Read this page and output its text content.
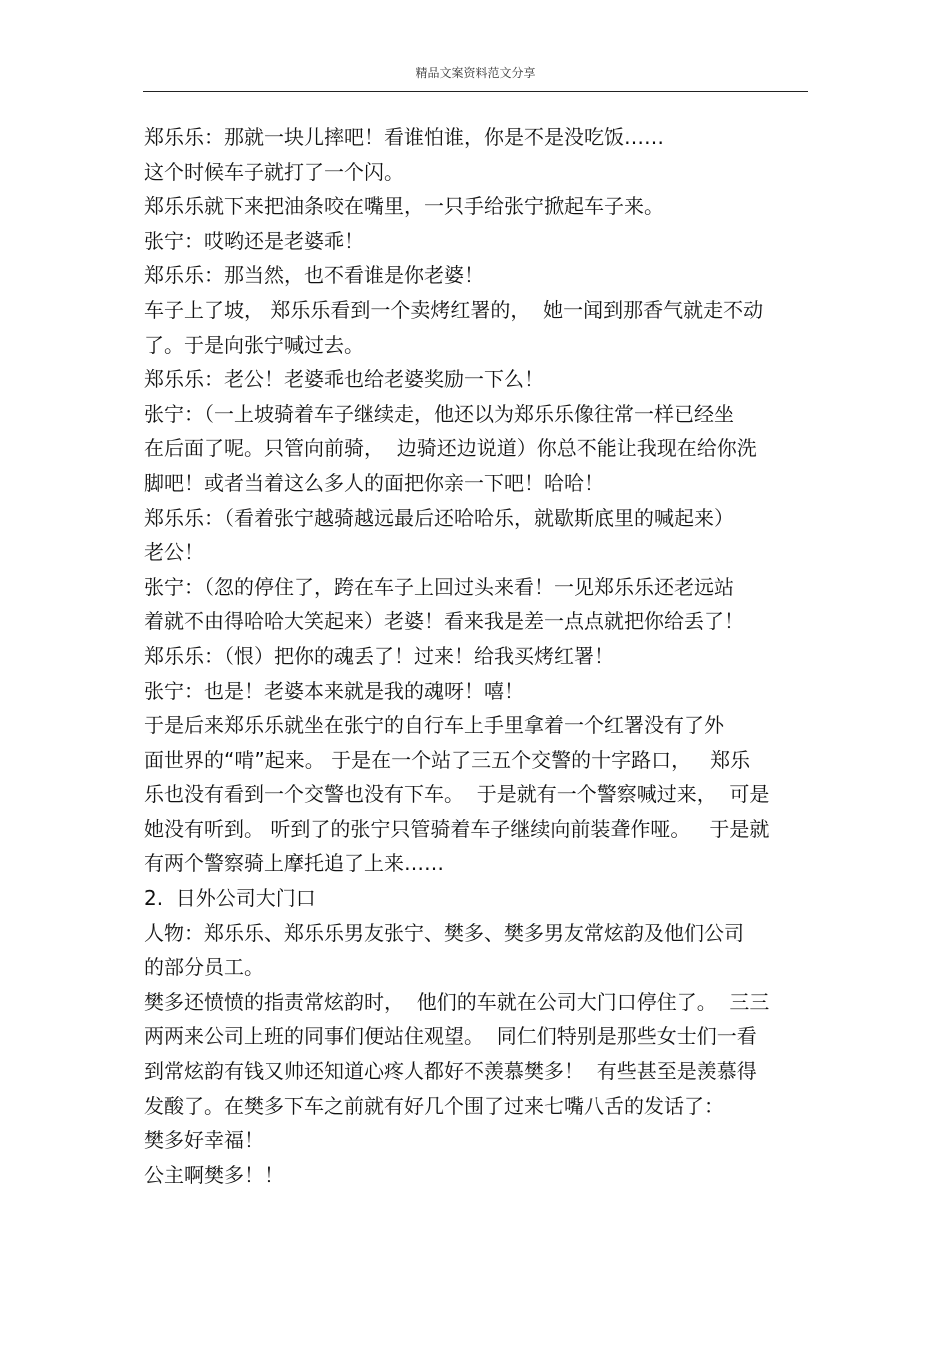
精品文案资料范文分享
郑乐乐：那就一块儿摔吧！看谁怕谁，你是不是没吃饭……
这个时候车子就打了一个闪。
郑乐乐就下来把油条咬在嘴里，一只手给张宁掀起车子来。
张宁：哎哟还是老婆乖！
郑乐乐：那当然，也不看谁是你老婆！
车子上了坡， 郑乐乐看到一个卖烤红署的，  她一闻到那香气就走不动
了。于是向张宁喊过去。
郑乐乐：老公！老婆乖也给老婆奖励一下么！
张宁：（一上坡骑着车子继续走，他还以为郑乐乐像往常一样已经坐
在后面了呢。只管向前骑，  边骑还边说道）你总不能让我现在给你洗
脚吧！或者当着这么多人的面把你亲一下吧！哈哈！
郑乐乐：（看着张宁越骑越远最后还哈哈乐，就歇斯底里的喊起来）
老公！
张宁：（忽的停住了，跨在车子上回过头来看！一见郑乐乐还老远站
着就不由得哈哈大笑起来）老婆！看来我是差一点点就把你给丢了！
郑乐乐：（恨）把你的魂丢了！过来！给我买烤红署！
张宁：也是！老婆本来就是我的魂呀！嘻！
于是后来郑乐乐就坐在张宁的自行车上手里拿着一个红署没有了外
面世界的“啃”起来。 于是在一个站了三五个交警的十字路口，   郑乐
乐也没有看到一个交警也没有下车。  于是就有一个警察喊过来，  可是
她没有听到。 听到了的张宁只管骑着车子继续向前装聋作哑。   于是就
有两个警察骑上摩托追了上来……
2.  日外公司大门口
人物：郑乐乐、郑乐乐男友张宁、樊多、樊多男友常炫韵及他们公司
的部分员工。
樊多还愤愤的指责常炫韵时，  他们的车就在公司大门口停住了。  三三
两两来公司上班的同事们便站住观望。  同仁们特别是那些女士们一看
到常炫韵有钱又帅还知道心疼人都好不羡慕樊多！  有些甚至是羡慕得
发酸了。在樊多下车之前就有好几个围了过来七嘴八舌的发话了：
樊多好幸福！
公主啊樊多！！
